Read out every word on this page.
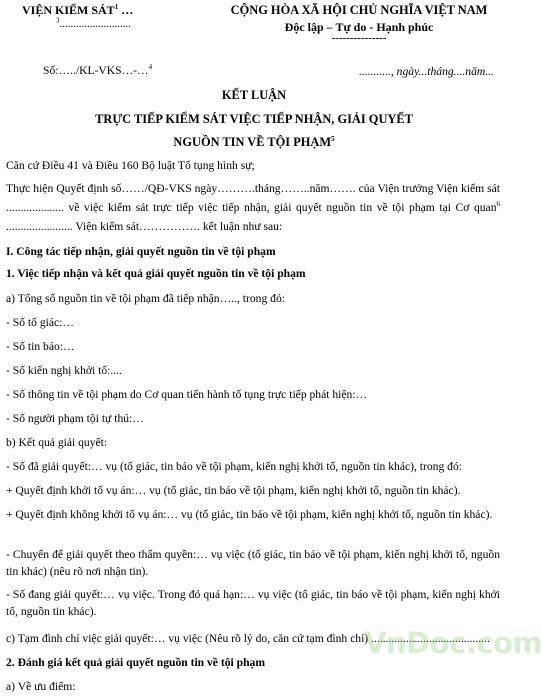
VIỆN KIỂM SÁT$^1$ …
$^3$..........................
CỘNG HÒA XÃ HỘI CHỦ NGHĨA VIỆT NAM
Độc lập – Tự do - Hạnh phúc
---------------
Số:…../KL-VKS…-…$^4$	..........., ngày...tháng....năm...
KẾT LUẬN
TRỰC TIẾP KIỂM SÁT VIỆC TIẾP NHẬN, GIẢI QUYẾT
NGUỒN TIN VỀ TỘI PHẠM$^5$
Căn cứ Điều 41 và Điều 160 Bộ luật Tố tụng hình sự;
Thực hiện Quyết định số……/QĐ-VKS ngày……….tháng……..năm……. của Viện trưởng Viện kiểm sát .................... về việc kiểm sát trực tiếp việc tiếp nhận, giải quyết nguồn tin về tội phạm tại Cơ quan$^6$ ....................... Viện kiểm sát……………. kết luận như sau:
I. Công tác tiếp nhận, giải quyết nguồn tin về tội phạm
1. Việc tiếp nhận và kết quả giải quyết nguồn tin về tội phạm
a) Tổng số nguồn tin về tội phạm đã tiếp nhận….., trong đó:
- Số tố giác:…
- Số tin báo:…
- Số kiến nghị khởi tố:....
- Số thông tin về tội phạm do Cơ quan tiến hành tố tụng trực tiếp phát hiện:…
- Số người phạm tội tự thú:…
b) Kết quả giải quyết:
- Số đã giải quyết:… vụ (tố giác, tin báo về tội phạm, kiến nghị khởi tố, nguồn tin khác), trong đó:
+ Quyết định khởi tố vụ án:… vụ (tố giác, tin báo về tội phạm, kiến nghị khởi tố, nguồn tin khác).
+ Quyết định không khởi tố vụ án:… vụ (tố giác, tin báo về tội phạm, kiến nghị khởi tố, nguồn tin khác).
- Chuyển để giải quyết theo thẩm quyền:… vụ việc (tố giác, tin báo về tội phạm, kiến nghị khởi tố, nguồn tin khác) (nêu rõ nơi nhận tin).
- Số đang giải quyết:… vụ việc. Trong đó quá hạn:… vụ việc (tố giác, tin báo về tội phạm, kiến nghị khởi tố, nguồn tin khác).
c) Tạm đình chỉ việc giải quyết:… vụ việc (Nêu rõ lý do, căn cứ tạm đình chỉ) .........................................
2. Đánh giá kết quả giải quyết nguồn tin về tội phạm
a) Về ưu điểm:
VnDoc.com
